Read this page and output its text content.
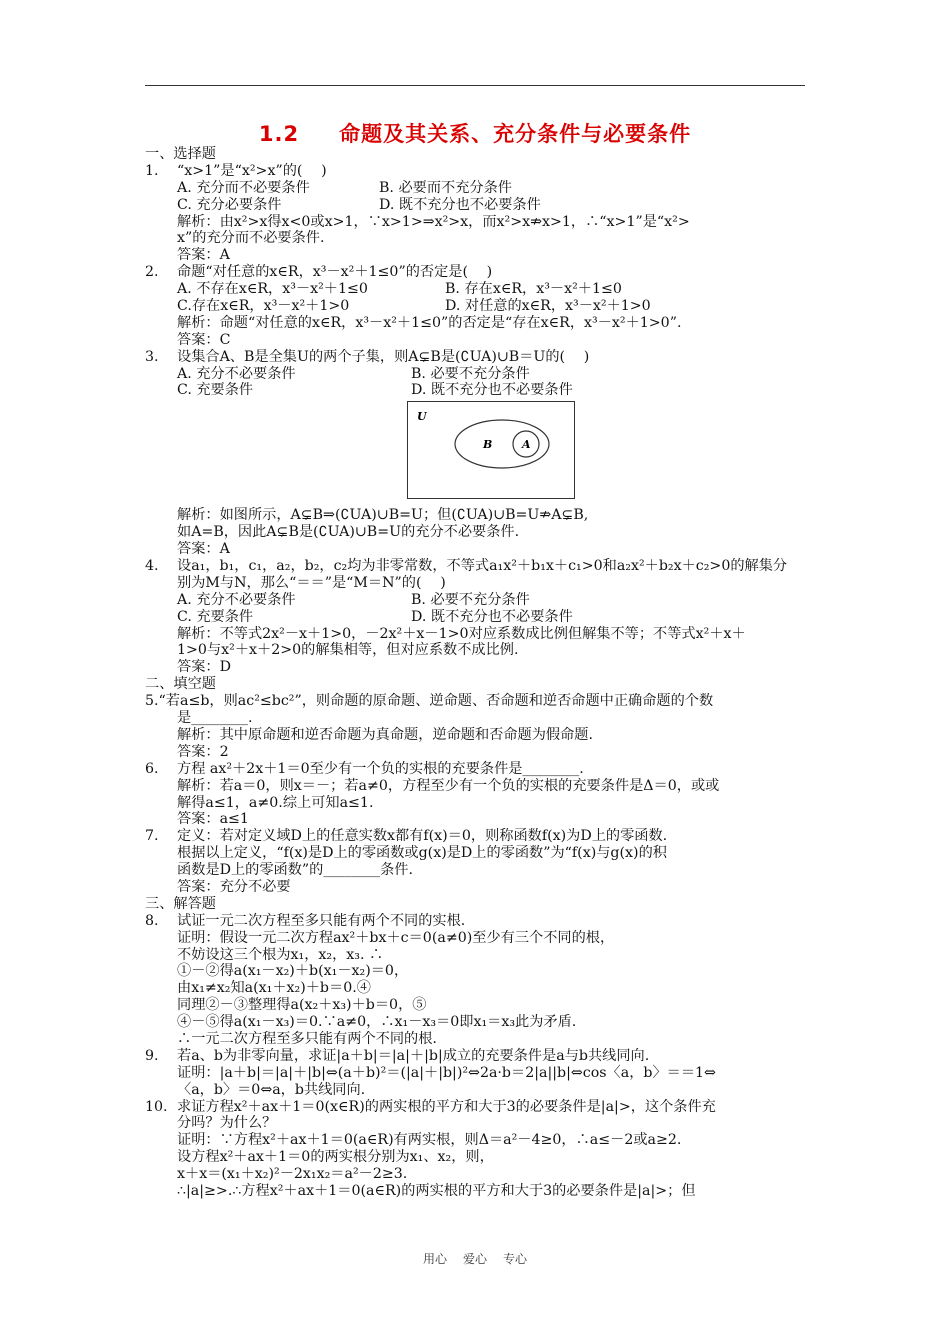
1.2 命题及其关系、充分条件与必要条件
一、选择题
1. “x>1”是“x²>x”的(　 )
A. 充分而不必要条件	B. 必要而不充分条件
C. 充分必要条件	D. 既不充分也不必要条件
解析：由x²>x得x<0或x>1，∵x>1>⇒x²>x，而x²>x⇏x>1，∴“x>1”是“x²>
x”的充分而不必要条件.
答案：A
2. 命题“对任意的x∈R，x³－x²＋1≤0”的否定是(　 )
A. 不存在x∈R，x³－x²＋1≤0	B. 存在x∈R，x³－x²＋1≤0
C.存在x∈R，x³－x²＋1>0	D. 对任意的x∈R，x³－x²＋1>0
解析：命题“对任意的x∈R，x³－x²＋1≤0”的否定是“存在x∈R，x³－x²＋1>0”.
答案：C
3. 设集合A、B是全集U的两个子集，则A⊊B是(∁UA)∪B＝U的(　 )
A. 充分不必要条件	B. 必要不充分条件
C. 充要条件	D. 既不充分也不必要条件
U
B	A
解析：如图所示，A⊊B⇒(∁UA)∪B=U；但(∁UA)∪B=U⇏A⊊B,
如A=B，因此A⊊B是(∁UA)∪B=U的充分不必要条件.
答案：A
4. 设a₁，b₁，c₁，a₂，b₂，c₂均为非零常数，不等式a₁x²＋b₁x＋c₁>0和a₂x²＋b₂x＋c₂>0的解集分
别为M与N，那么“＝＝”是“M＝N”的(　 )
A. 充分不必要条件	B. 必要不充分条件
C. 充要条件	D. 既不充分也不必要条件
解析：不等式2x²－x＋1>0，－2x²＋x－1>0对应系数成比例但解集不等；不等式x²＋x＋
1>0与x²＋x＋2>0的解集相等，但对应系数不成比例.
答案：D
二、填空题
5.“若a≤b，则ac²≤bc²”，则命题的原命题、逆命题、否命题和逆否命题中正确命题的个数
是________.
解析：其中原命题和逆否命题为真命题，逆命题和否命题为假命题.
答案：2
6. 方程 ax²＋2x＋1＝0至少有一个负的实根的充要条件是________.
解析：若a＝0，则x＝－；若a≠0，方程至少有一个负的实根的充要条件是Δ＝0，或或
解得a≤1，a≠0.综上可知a≤1.
答案：a≤1
7. 定义：若对定义域D上的任意实数x都有f(x)＝0，则称函数f(x)为D上的零函数.
根据以上定义，“f(x)是D上的零函数或g(x)是D上的零函数”为“f(x)与g(x)的积
函数是D上的零函数”的________条件.
答案：充分不必要
三、解答题
8. 试证一元二次方程至多只能有两个不同的实根.
证明：假设一元二次方程ax²＋bx＋c＝0(a≠0)至少有三个不同的根，
不妨设这三个根为x₁，x₂，x₃. ∴
①－②得a(x₁－x₂)＋b(x₁－x₂)＝0，
由x₁≠x₂知a(x₁＋x₂)＋b＝0.④
同理②－③整理得a(x₂＋x₃)＋b＝0，⑤
④－⑤得a(x₁－x₃)＝0.∵a≠0，∴x₁－x₃＝0即x₁＝x₃此为矛盾.
∴一元二次方程至多只能有两个不同的根.
9. 若a、b为非零向量，求证|a＋b|＝|a|＋|b|成立的充要条件是a与b共线同向.
证明：|a＋b|＝|a|＋|b|⇔(a＋b)²＝(|a|＋|b|)²⇔2a·b＝2|a||b|⇔cos〈a，b〉＝＝1⇔
〈a，b〉＝0⇔a，b共线同向.
10. 求证方程x²＋ax＋1＝0(x∈R)的两实根的平方和大于3的必要条件是|a|>，这个条件充
分吗？为什么？
证明：∵方程x²＋ax＋1＝0(a∈R)有两实根，则Δ＝a²－4≥0，∴a≤－2或a≥2.
设方程x²＋ax＋1＝0的两实根分别为x₁、x₂，则，
x＋x＝(x₁＋x₂)²－2x₁x₂＝a²－2≥3.
∴|a|≥>.∴方程x²＋ax＋1＝0(a∈R)的两实根的平方和大于3的必要条件是|a|>；但
用心 爱心 专心
